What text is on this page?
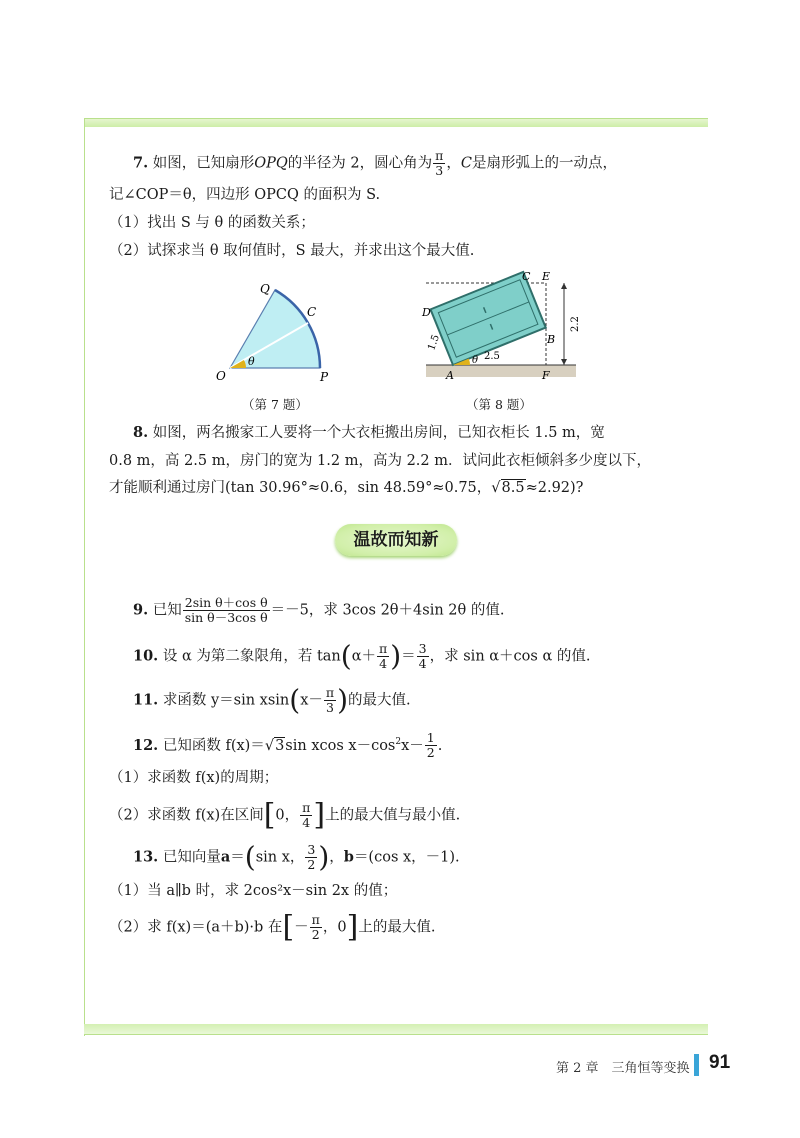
7. 如图，已知扇形OPQ的半径为 2，圆心角为 $\frac{\pi}{3}$ ，C是扇形弧上的一动点，
记∠COP＝θ，四边形 OPCQ 的面积为 S.
（1）找出 S 与 θ 的函数关系；
（2）试探求当 θ 取何值时，S 最大，并求出这个最大值.
Q
C
O	P
θ
（第 7 题）
C E
D
B
A	F
θ 2.5
1.5
2.2
（第 8 题）
8. 如图，两名搬家工人要将一个大衣柜搬出房间，已知衣柜长 1.5 m，宽
0.8 m，高 2.5 m，房门的宽为 1.2 m，高为 2.2 m．试问此衣柜倾斜多少度以下，
才能顺利通过房门(tan 30.96°≈0.6，sin 48.59°≈0.75，√8.5≈2.92)?
温故而知新
9. 已知 $\frac{\text{2sin θ＋cos θ}}{\text{sin θ－3cos θ}} =-5$，求 3cos 2θ＋4sin 2θ 的值.
10. 设 α 为第二象限角，若 $\tan(\alpha+ \frac{\pi}{4}$ )＝ $\frac{3}{4}$ ，求 sin α＋cos α 的值.
11. 求函数 y＝sin $xsin(x- \frac{\pi}{3}$ )的最大值.
12. 已知函数 f(x)＝√3sin xcos $x-\cos^2x- \frac{1}{2}$ .
（1）求函数 f(x)的周期；
（2）求函数 f(x)在区间[0， $\frac{\pi}{4}$ ]上的最大值与最小值.
13. 已知向量a＝(sin x， $\frac{3}{2}$ )，b＝(cos x，－1).
（1）当 a∥b 时，求 2cos²x－sin 2x 的值；
（2）求 f(x)＝(a＋b)·b 在[－ $\frac{\pi}{2}$ ，0]上的最大值.
第 2 章　三角恒等变换 91
